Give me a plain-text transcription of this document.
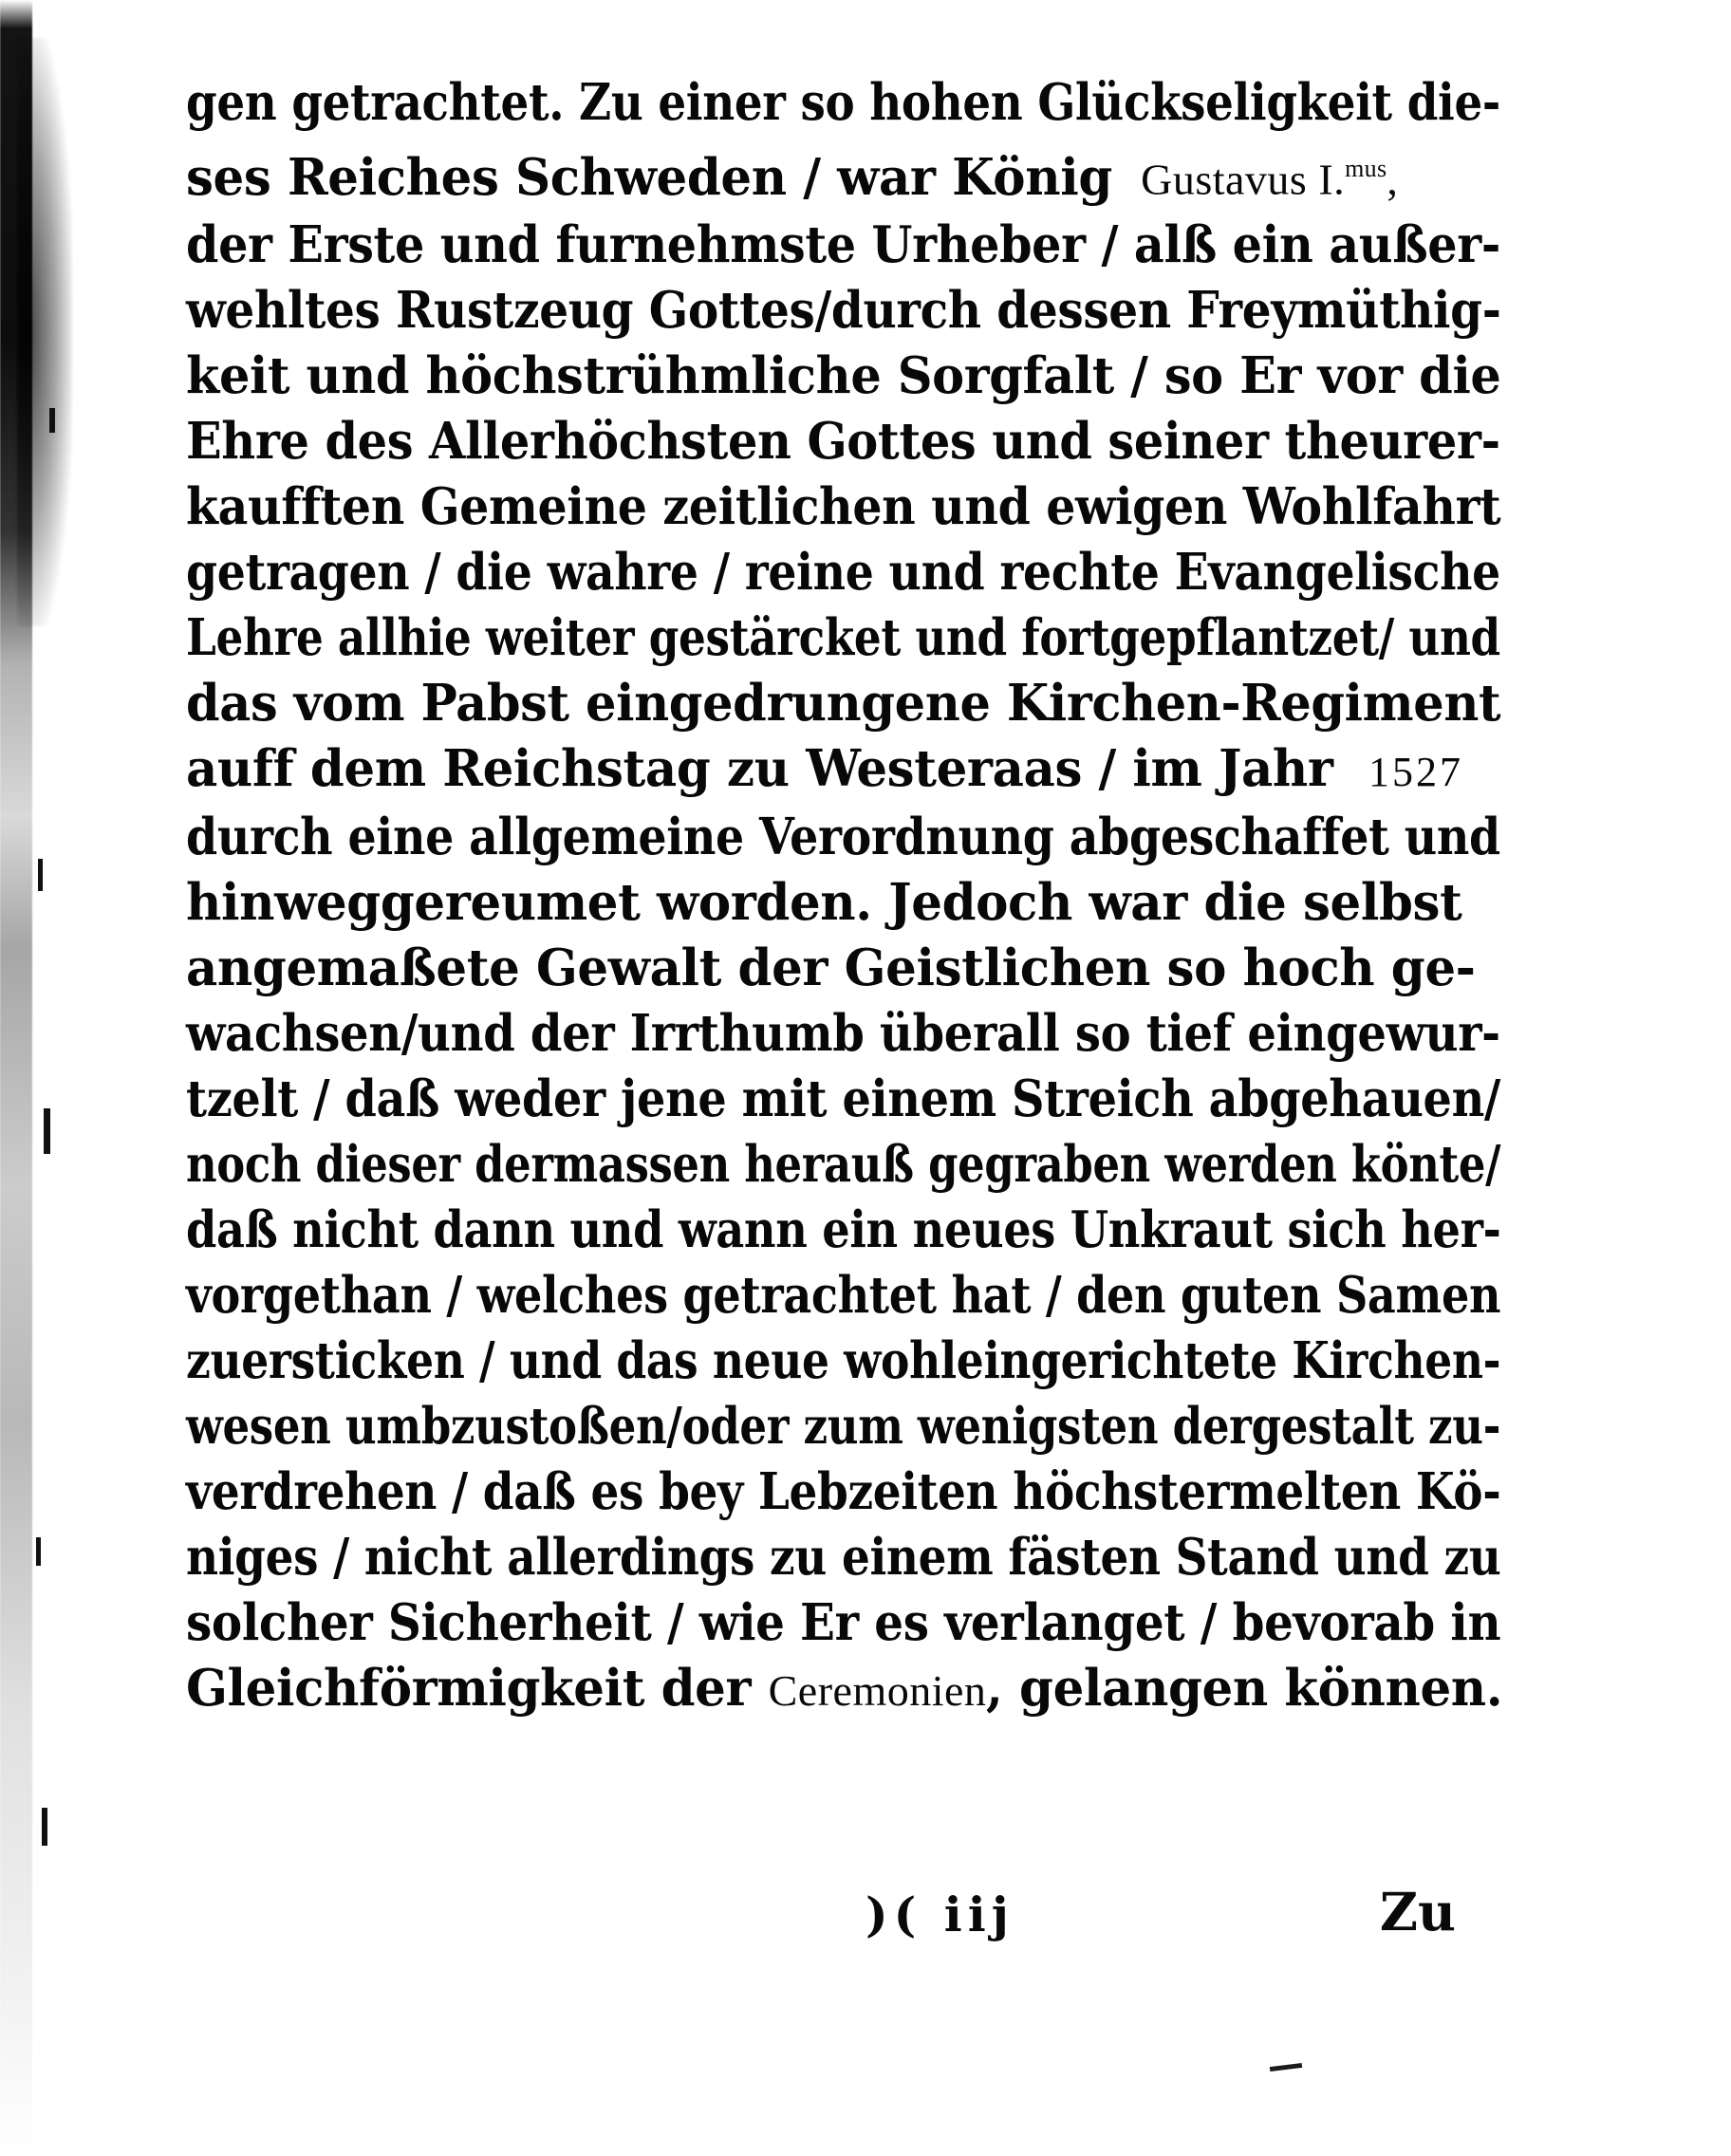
gen getrachtet. Zu einer so hohen Glückseligkeit die-
ses Reiches Schweden / war KönigGustavus I.$^{mus}$,
der Erste und furnehmste Urheber / alß ein außer-
wehltes Rustzeug Gottes/durch dessen Freymüthig-
keit und höchstrühmliche Sorgfalt / so Er vor die
Ehre des Allerhöchsten Gottes und seiner theurer-
kaufften Gemeine zeitlichen und ewigen Wohlfahrt
getragen / die wahre / reine und rechte Evangelische
Lehre allhie weiter gestärcket und fortgepflantzet/ und
das vom Pabst eingedrungene Kirchen-Regiment
auff dem Reichstag zu Westeraas / im Jahr1527
durch eine allgemeine Verordnung abgeschaffet und
hinweggereumet worden. Jedoch war die selbst
angemaßete Gewalt der Geistlichen so hoch ge-
wachsen/und der Irrthumb überall so tief eingewur-
tzelt / daß weder jene mit einem Streich abgehauen/
noch dieser dermassen herauß gegraben werden könte/
daß nicht dann und wann ein neues Unkraut sich her-
vorgethan / welches getrachtet hat / den guten Samen
zuersticken / und das neue wohleingerichtete Kirchen-
wesen umbzustoßen/oder zum wenigsten dergestalt zu-
verdrehen / daß es bey Lebzeiten höchstermelten Kö-
niges / nicht allerdings zu einem fästen Stand und zu
solcher Sicherheit / wie Er es verlanget / bevorab in
Gleichförmigkeit derCeremonien, gelangen können.
)( iij	Zu
